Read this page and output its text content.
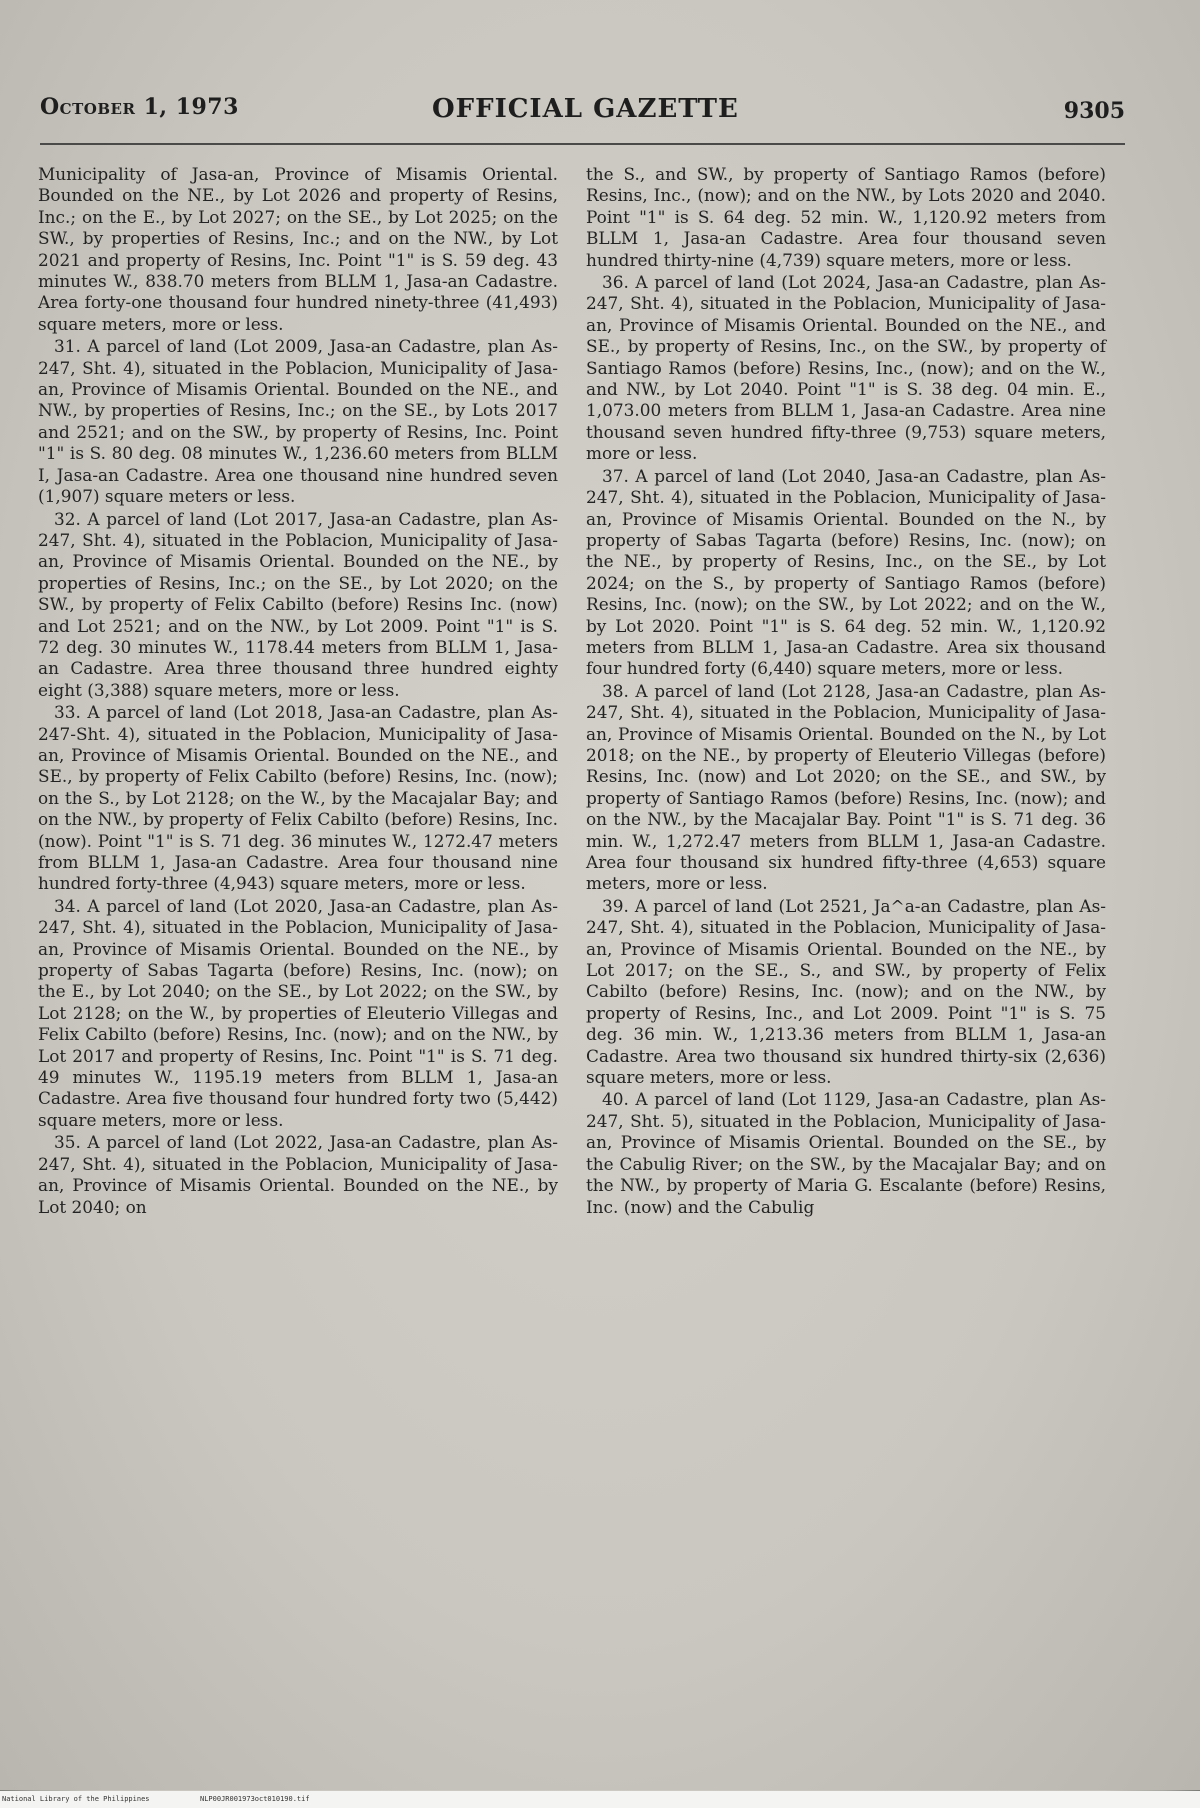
October 1, 1973	OFFICIAL GAZETTE	9305

Municipality of Jasa-an, Province of Misamis Oriental. Bounded on the NE., by Lot 2026 and property of Resins, Inc.; on the E., by Lot 2027; on the SE., by Lot 2025; on the SW., by properties of Resins, Inc.; and on the NW., by Lot 2021 and property of Resins, Inc. Point "1" is S. 59 deg. 43 minutes W., 838.70 meters from BLLM 1, Jasa-an Cadastre. Area forty-one thousand four hundred ninety-three (41,493) square meters, more or less.

31. A parcel of land (Lot 2009, Jasa-an Cadastre, plan As-247, Sht. 4), situated in the Poblacion, Municipality of Jasa-an, Province of Misamis Oriental. Bounded on the NE., and NW., by properties of Resins, Inc.; on the SE., by Lots 2017 and 2521; and on the SW., by property of Resins, Inc. Point "1" is S. 80 deg. 08 minutes W., 1,236.60 meters from BLLM I, Jasa-an Cadastre. Area one thousand nine hundred seven (1,907) square meters or less.

32. A parcel of land (Lot 2017, Jasa-an Cadastre, plan As-247, Sht. 4), situated in the Poblacion, Municipality of Jasa-an, Province of Misamis Oriental. Bounded on the NE., by properties of Resins, Inc.; on the SE., by Lot 2020; on the SW., by property of Felix Cabilto (before) Resins Inc. (now) and Lot 2521; and on the NW., by Lot 2009. Point "1" is S. 72 deg. 30 minutes W., 1178.44 meters from BLLM 1, Jasa-an Cadastre. Area three thousand three hundred eighty eight (3,388) square meters, more or less.

33. A parcel of land (Lot 2018, Jasa-an Cadastre, plan As-247-Sht. 4), situated in the Poblacion, Municipality of Jasa-an, Province of Misamis Oriental. Bounded on the NE., and SE., by property of Felix Cabilto (before) Resins, Inc. (now); on the S., by Lot 2128; on the W., by the Macajalar Bay; and on the NW., by property of Felix Cabilto (before) Resins, Inc. (now). Point "1" is S. 71 deg. 36 minutes W., 1272.47 meters from BLLM 1, Jasa-an Cadastre. Area four thousand nine hundred forty-three (4,943) square meters, more or less.

34. A parcel of land (Lot 2020, Jasa-an Cadastre, plan As-247, Sht. 4), situated in the Poblacion, Municipality of Jasa-an, Province of Misamis Oriental. Bounded on the NE., by property of Sabas Tagarta (before) Resins, Inc. (now); on the E., by Lot 2040; on the SE., by Lot 2022; on the SW., by Lot 2128; on the W., by properties of Eleuterio Villegas and Felix Cabilto (before) Resins, Inc. (now); and on the NW., by Lot 2017 and property of Resins, Inc. Point "1" is S. 71 deg. 49 minutes W., 1195.19 meters from BLLM 1, Jasa-an Cadastre. Area five thousand four hundred forty two (5,442) square meters, more or less.

35. A parcel of land (Lot 2022, Jasa-an Cadastre, plan As-247, Sht. 4), situated in the Poblacion, Municipality of Jasa-an, Province of Misamis Oriental. Bounded on the NE., by Lot 2040; on

the S., and SW., by property of Santiago Ramos (before) Resins, Inc., (now); and on the NW., by Lots 2020 and 2040. Point "1" is S. 64 deg. 52 min. W., 1,120.92 meters from BLLM 1, Jasa-an Cadastre. Area four thousand seven hundred thirty-nine (4,739) square meters, more or less.

36. A parcel of land (Lot 2024, Jasa-an Cadastre, plan As-247, Sht. 4), situated in the Poblacion, Municipality of Jasa-an, Province of Misamis Oriental. Bounded on the NE., and SE., by property of Resins, Inc., on the SW., by property of Santiago Ramos (before) Resins, Inc., (now); and on the W., and NW., by Lot 2040. Point "1" is S. 38 deg. 04 min. E., 1,073.00 meters from BLLM 1, Jasa-an Cadastre. Area nine thousand seven hundred fifty-three (9,753) square meters, more or less.

37. A parcel of land (Lot 2040, Jasa-an Cadastre, plan As-247, Sht. 4), situated in the Poblacion, Municipality of Jasa-an, Province of Misamis Oriental. Bounded on the N., by property of Sabas Tagarta (before) Resins, Inc. (now); on the NE., by property of Resins, Inc., on the SE., by Lot 2024; on the S., by property of Santiago Ramos (before) Resins, Inc. (now); on the SW., by Lot 2022; and on the W., by Lot 2020. Point "1" is S. 64 deg. 52 min. W., 1,120.92 meters from BLLM 1, Jasa-an Cadastre. Area six thousand four hundred forty (6,440) square meters, more or less.

38. A parcel of land (Lot 2128, Jasa-an Cadastre, plan As-247, Sht. 4), situated in the Poblacion, Municipality of Jasa-an, Province of Misamis Oriental. Bounded on the N., by Lot 2018; on the NE., by property of Eleuterio Villegas (before) Resins, Inc. (now) and Lot 2020; on the SE., and SW., by property of Santiago Ramos (before) Resins, Inc. (now); and on the NW., by the Macajalar Bay. Point "1" is S. 71 deg. 36 min. W., 1,272.47 meters from BLLM 1, Jasa-an Cadastre. Area four thousand six hundred fifty-three (4,653) square meters, more or less.

39. A parcel of land (Lot 2521, Ja^a-an Cadastre, plan As-247, Sht. 4), situated in the Poblacion, Municipality of Jasa-an, Province of Misamis Oriental. Bounded on the NE., by Lot 2017; on the SE., S., and SW., by property of Felix Cabilto (before) Resins, Inc. (now); and on the NW., by property of Resins, Inc., and Lot 2009. Point "1" is S. 75 deg. 36 min. W., 1,213.36 meters from BLLM 1, Jasa-an Cadastre. Area two thousand six hundred thirty-six (2,636) square meters, more or less.

40. A parcel of land (Lot 1129, Jasa-an Cadastre, plan As-247, Sht. 5), situated in the Poblacion, Municipality of Jasa-an, Province of Misamis Oriental. Bounded on the SE., by the Cabulig River; on the SW., by the Macajalar Bay; and on the NW., by property of Maria G. Escalante (before) Resins, Inc. (now) and the Cabulig

National Library of the Philippines	NLP00JR001973oct010190.tif
